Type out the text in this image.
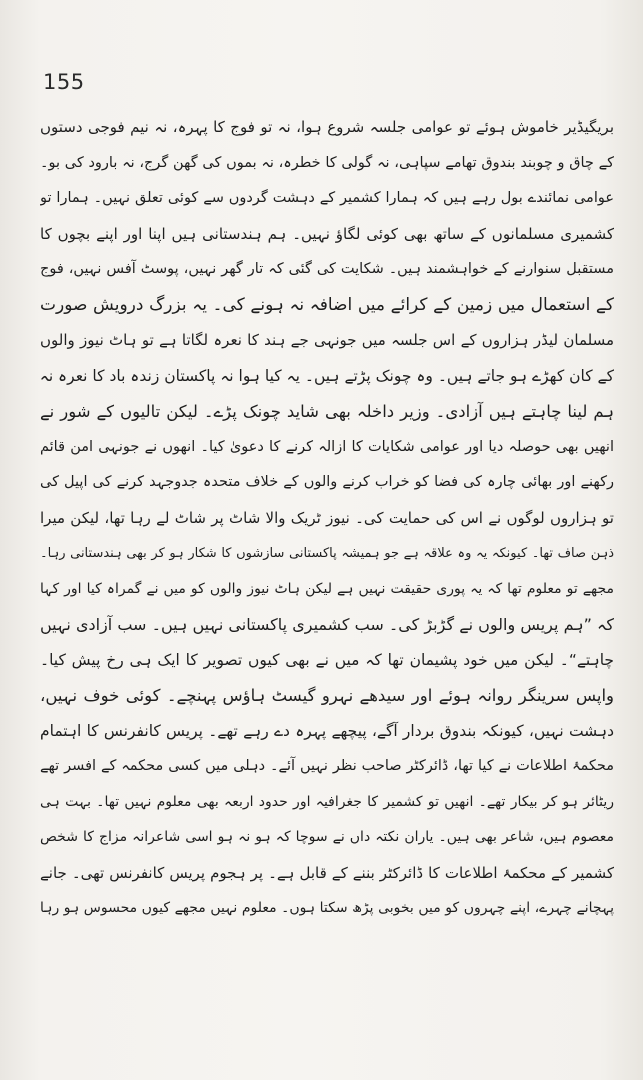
155
بریگیڈیر خاموش ہوئے تو عوامی جلسہ شروع ہوا، نہ تو فوج کا پہرہ، نہ نیم فوجی دستوں
کے چاق و چوبند بندوق تھامے سپاہی، نہ گولی کا خطرہ، نہ بموں کی گھن گرج، نہ بارود کی بو۔
عوامی نمائندے بول رہے ہیں کہ ہمارا کشمیر کے دہشت گردوں سے کوئی تعلق نہیں۔ ہمارا تو
کشمیری مسلمانوں کے ساتھ بھی کوئی لگاؤ نہیں۔ ہم ہندستانی ہیں اپنا اور اپنے بچوں کا
مستقبل سنوارنے کے خواہشمند ہیں۔ شکایت کی گئی کہ تار گھر نہیں، پوسٹ آفس نہیں، فوج
کے استعمال میں زمین کے کرائے میں اضافہ نہ ہونے کی۔ یہ بزرگ درویش صورت
مسلمان لیڈر ہزاروں کے اس جلسہ میں جونہی جے ہند کا نعرہ لگاتا ہے تو ہاٹ نیوز والوں
کے کان کھڑے ہو جاتے ہیں۔ وہ چونک پڑتے ہیں۔ یہ کیا ہوا نہ پاکستان زندہ باد کا نعرہ نہ
ہم لینا چاہتے ہیں آزادی۔ وزیر داخلہ بھی شاید چونک پڑے۔ لیکن تالیوں کے شور نے
انھیں بھی حوصلہ دیا اور عوامی شکایات کا ازالہ کرنے کا دعویٰ کیا۔ انھوں نے جونہی امن قائم
رکھنے اور بھائی چارہ کی فضا کو خراب کرنے والوں کے خلاف متحدہ جدوجہد کرنے کی اپیل کی
تو ہزاروں لوگوں نے اس کی حمایت کی۔ نیوز ٹریک والا شاٹ پر شاٹ لے رہا تھا، لیکن میرا
ذہن صاف تھا۔ کیونکہ یہ وہ علاقہ ہے جو ہمیشہ پاکستانی سازشوں کا شکار ہو کر بھی ہندستانی رہا۔
مجھے تو معلوم تھا کہ یہ پوری حقیقت نہیں ہے لیکن ہاٹ نیوز والوں کو میں نے گمراہ کیا اور کہا
کہ ”ہم پریس والوں نے گڑبڑ کی۔ سب کشمیری پاکستانی نہیں ہیں۔ سب آزادی نہیں
چاہتے“۔ لیکن میں خود پشیمان تھا کہ میں نے بھی کیوں تصویر کا ایک ہی رخ پیش کیا۔
واپس سرینگر روانہ ہوئے اور سیدھے نہرو گیسٹ ہاؤس پہنچے۔ کوئی خوف نہیں،
دہشت نہیں، کیونکہ بندوق بردار آگے، پیچھے پہرہ دے رہے تھے۔ پریس کانفرنس کا اہتمام
محکمۂ اطلاعات نے کیا تھا، ڈائرکٹر صاحب نظر نہیں آئے۔ دہلی میں کسی محکمہ کے افسر تھے
ریٹائر ہو کر بیکار تھے۔ انھیں تو کشمیر کا جغرافیہ اور حدود اربعہ بھی معلوم نہیں تھا۔ بہت ہی
معصوم ہیں، شاعر بھی ہیں۔ یاران نکتہ داں نے سوچا کہ ہو نہ ہو اسی شاعرانہ مزاج کا شخص
کشمیر کے محکمۂ اطلاعات کا ڈائرکٹر بننے کے قابل ہے۔ پر ہجوم پریس کانفرنس تھی۔ جانے
پہچانے چہرے، اپنے چہروں کو میں بخوبی پڑھ سکتا ہوں۔ معلوم نہیں مجھے کیوں محسوس ہو رہا
